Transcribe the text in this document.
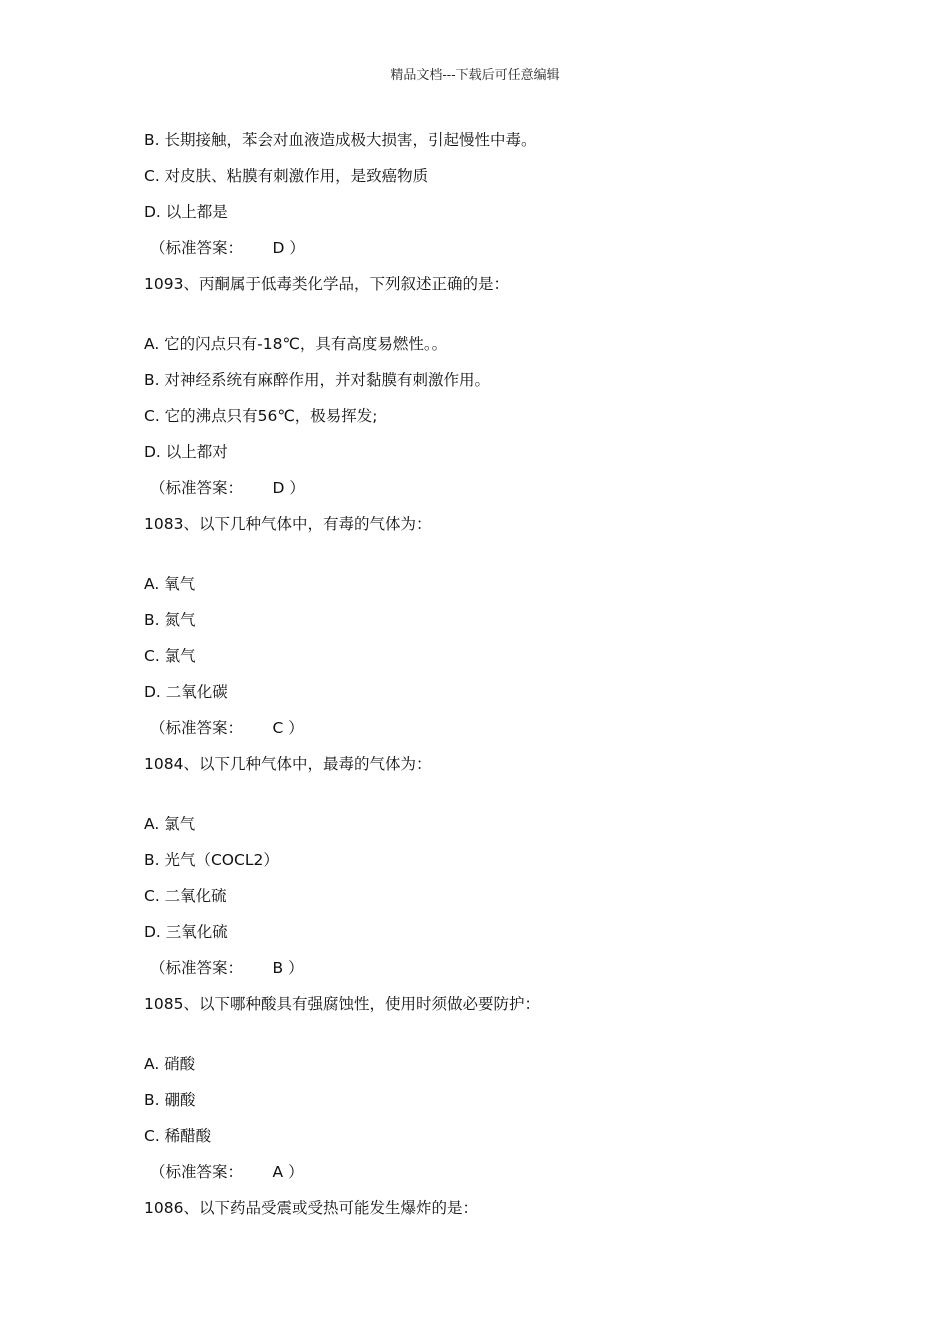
精品文档---下载后可任意编辑
B. 长期接触，苯会对血液造成极大损害，引起慢性中毒。
C. 对皮肤、粘膜有刺激作用，是致癌物质
D. 以上都是
（标准答案：      D ）
1093、丙酮属于低毒类化学品，下列叙述正确的是：
A. 它的闪点只有-18℃，具有高度易燃性。。
B. 对神经系统有麻醉作用，并对黏膜有刺激作用。
C. 它的沸点只有56℃，极易挥发;
D. 以上都对
（标准答案：      D ）
1083、以下几种气体中，有毒的气体为：
A. 氧气
B. 氮气
C. 氯气
D. 二氧化碳
（标准答案：      C ）
1084、以下几种气体中，最毒的气体为：
A. 氯气
B. 光气（COCL2）
C. 二氧化硫
D. 三氧化硫
（标准答案：      B ）
1085、以下哪种酸具有强腐蚀性，使用时须做必要防护：
A. 硝酸
B. 硼酸
C. 稀醋酸
（标准答案：      A ）
1086、以下药品受震或受热可能发生爆炸的是：
